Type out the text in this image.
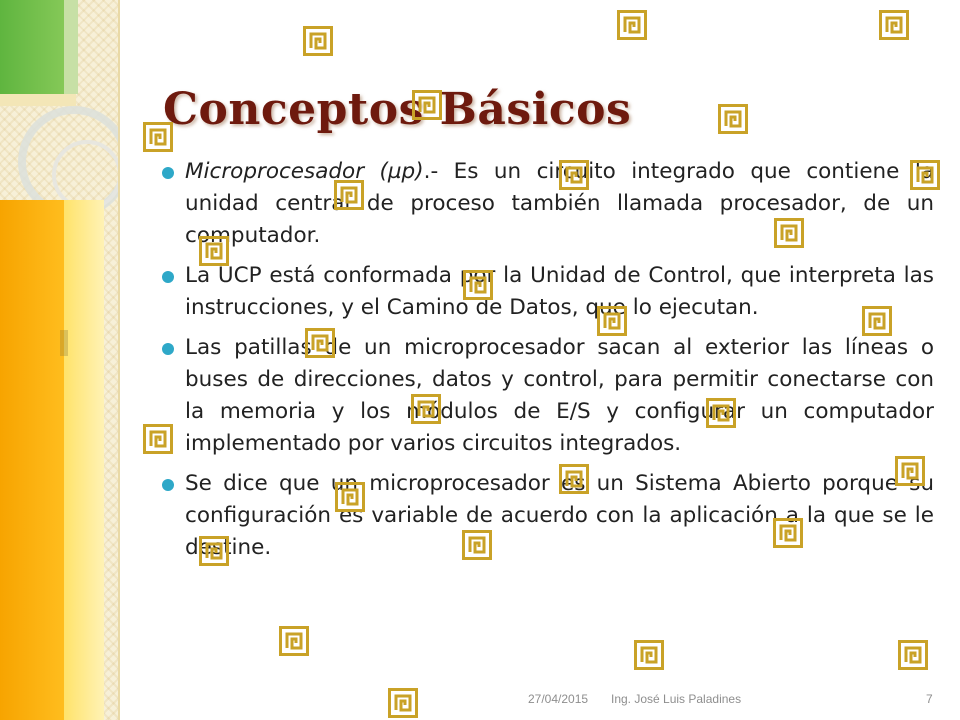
Conceptos Básicos
Microprocesador (µp).- Es un circuito integrado que contiene la unidad central de proceso también llamada procesador, de un computador.
La UCP está conformada por la Unidad de Control, que interpreta las instrucciones, y el Camino de Datos, que lo ejecutan.
Las patillas de un microprocesador sacan al exterior las líneas o buses de direcciones, datos y control, para permitir conectarse con la memoria y los módulos de E/S y configurar un computador implementado por varios circuitos integrados.
Se dice que un microprocesador es un Sistema Abierto porque su configuración es variable de acuerdo con la aplicación a la que se le destine.
27/04/2015 Ing. José Luis Paladines	7
